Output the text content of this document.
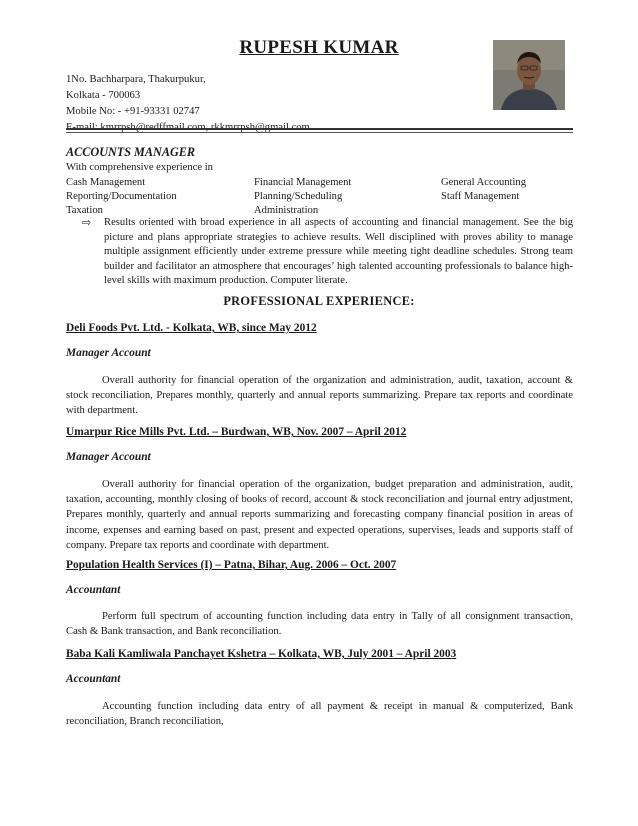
RUPESH KUMAR
1No. Bachharpara, Thakurpukur,
Kolkata - 700063
Mobile No: - +91-93331 02747
ACCOUNTS MANAGER
With comprehensive experience in
Cash Management
Reporting/Documentation
Taxation
Financial Management
Planning/Scheduling
Administration
General Accounting
Staff Management
⇨ Results oriented with broad experience in all aspects of accounting and financial management. See the big picture and plans appropriate strategies to achieve results. Well disciplined with proves ability to manage multiple assignment efficiently under extreme pressure while meeting tight deadline schedules. Strong team builder and facilitator an atmosphere that encourages’ high talented accounting professionals to balance high-level skills with maximum production. Computer literate.
PROFESSIONAL EXPERIENCE:
Deli Foods Pvt. Ltd. - Kolkata, WB, since May 2012
Manager Account
Overall authority for financial operation of the organization and administration, audit, taxation, account & stock reconciliation, Prepares monthly, quarterly and annual reports summarizing. Prepare tax reports and coordinate with department.
Umarpur Rice Mills Pvt. Ltd. – Burdwan, WB, Nov. 2007 – April 2012
Manager Account
Overall authority for financial operation of the organization, budget preparation and administration, audit, taxation, accounting, monthly closing of books of record, account & stock reconciliation and journal entry adjustment, Prepares monthly, quarterly and annual reports summarizing and forecasting company financial position in areas of income, expenses and earning based on past, present and expected operations, supervises, leads and supports staff of company. Prepare tax reports and coordinate with department.
Population Health Services (I) – Patna, Bihar, Aug. 2006 – Oct. 2007
Accountant
Perform full spectrum of accounting function including data entry in Tally of all consignment transaction, Cash & Bank transaction, and Bank reconciliation.
Baba Kali Kamliwala Panchayet Kshetra – Kolkata, WB, July 2001 – April 2003
Accountant
Accounting function including data entry of all payment & receipt in manual & computerized, Bank reconciliation, Branch reconciliation,
